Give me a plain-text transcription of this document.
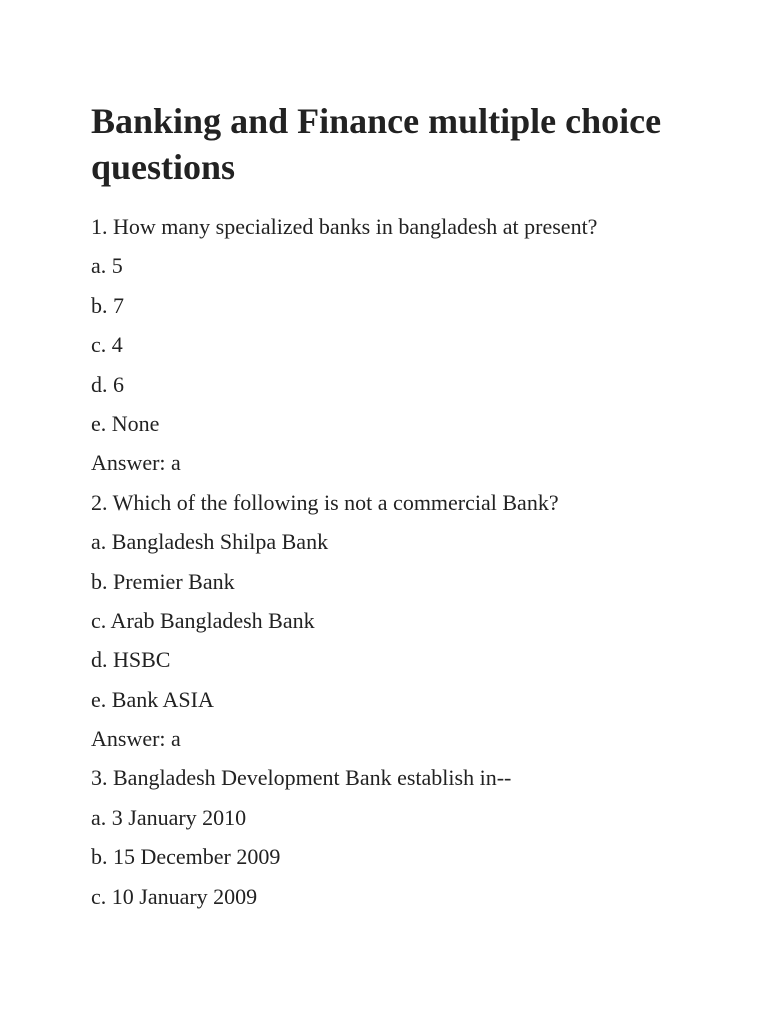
Banking and Finance multiple choice questions
1. How many specialized banks in bangladesh at present?
a. 5
b. 7
c. 4
d. 6
e. None
Answer: a
2. Which of the following is not a commercial Bank?
a. Bangladesh Shilpa Bank
b. Premier Bank
c. Arab Bangladesh Bank
d. HSBC
e. Bank ASIA
Answer: a
3. Bangladesh Development Bank establish in--
a. 3 January 2010
b. 15 December 2009
c. 10 January 2009
